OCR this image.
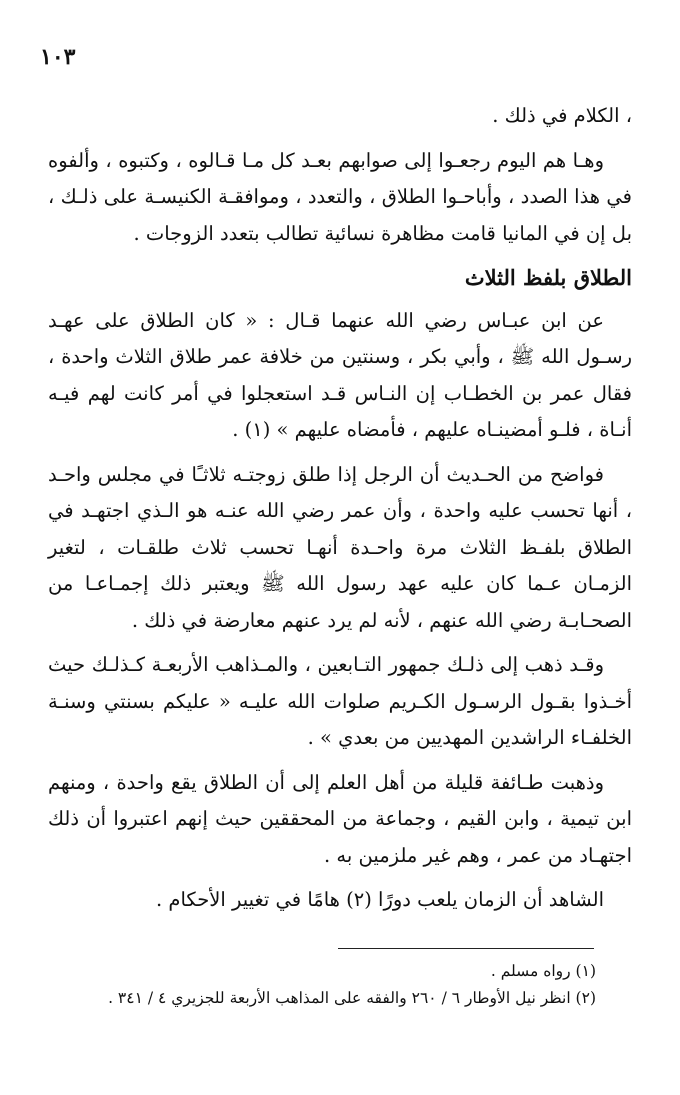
١٠٣

، الكلام في ذلك .

وهـا هم اليوم رجعـوا إلى صوابهم بعـد كل مـا قـالوه ، وكتبوه ، وألفوه في هذا الصدد ، وأباحـوا الطلاق ، والتعدد ، وموافقـة الكنيسـة على ذلـك ، بل إن في المانيا قامت مظاهرة نسائية تطالب بتعدد الزوجات .

الطلاق بلفظ الثلاث

عن ابن عبـاس رضي الله عنهما قـال : « كان الطلاق على عهـد رسـول الله ﷺ ، وأبي بكر ، وسنتين من خلافة عمر طلاق الثلاث واحدة ، فقال عمر بن الخطـاب إن النـاس قـد استعجلوا في أمر كانت لهم فيـه أنـاة ، فلـو أمضينـاه عليهم ، فأمضاه عليهم » (١) .

فواضح من الحـديث أن الرجل إذا طلق زوجتـه ثلاثـًا في مجلس واحـد ، أنها تحسب عليه واحدة ، وأن عمر رضي الله عنـه هو الـذي اجتهـد في الطلاق بلفـظ الثلاث مرة واحـدة أنهـا تحسب ثلاث طلقـات ، لتغير الزمـان عـما كان عليه عهد رسول الله ﷺ ويعتبر ذلك إجمـاعـا من الصحـابـة رضي الله عنهم ، لأنه لم يرد عنهم معارضة في ذلك .

وقـد ذهب إلى ذلـك جمهور التـابعين ، والمـذاهب الأربعـة كـذلـك حيث أخـذوا بقـول الرسـول الكـريم صلوات الله عليـه « عليكم بسنتي وسنـة الخلفـاء الراشدين المهديين من بعدي » .

وذهبت طـائفة قليلة من أهل العلم إلى أن الطلاق يقع واحدة ، ومنهم ابن تيمية ، وابن القيم ، وجماعة من المحققين حيث إنهم اعتبروا أن ذلك اجتهـاد من عمر ، وهم غير ملزمين به .

الشاهد أن الزمان يلعب دورًا (٢) هامًا في تغيير الأحكام .

(١) رواه مسلم .
(٢) انظر نيل الأوطار ٦ / ٢٦٠ والفقه على المذاهب الأربعة للجزيري ٤ / ٣٤١ .
